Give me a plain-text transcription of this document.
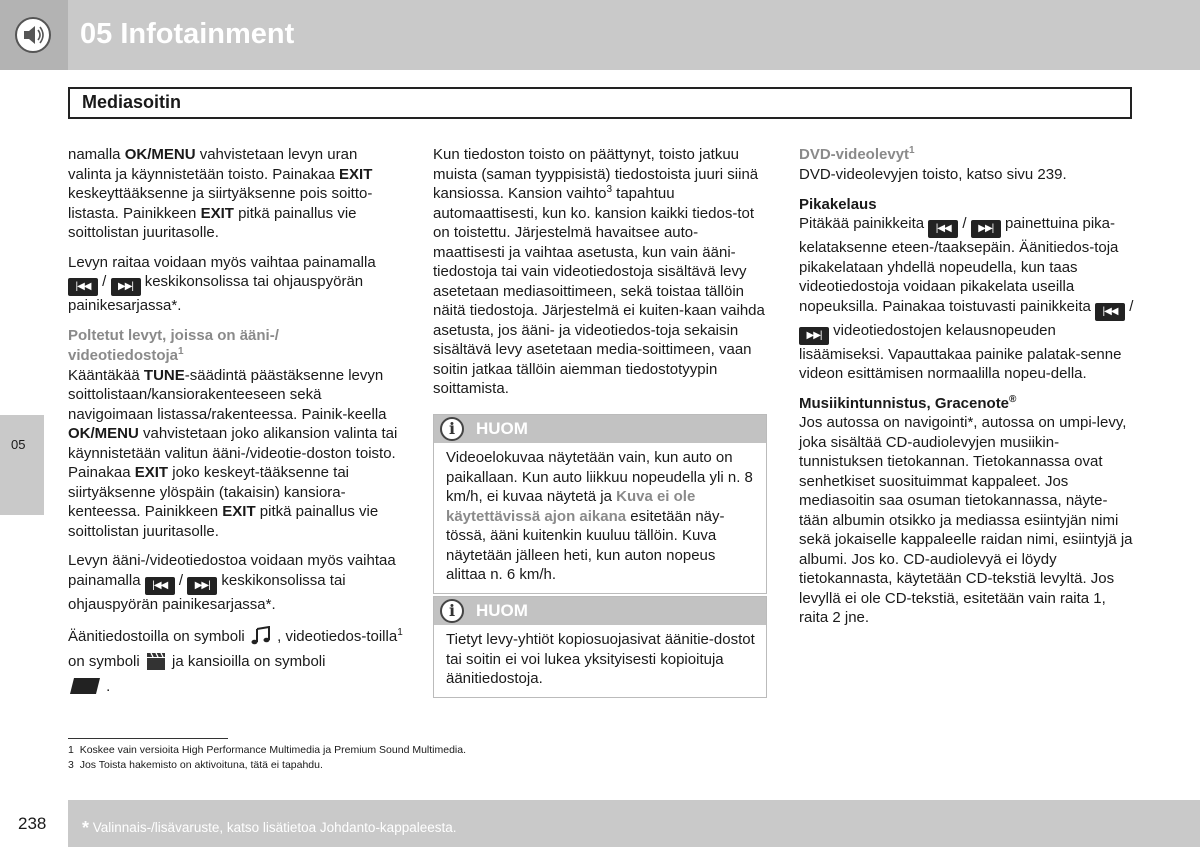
05 Infotainment
Mediasoitin
05

namalla OK/MENU vahvistetaan levyn uran valinta ja käynnistetään toisto. Painakaa EXIT keskeyttääksenne ja siirtyäksenne pois soitto-listasta. Painikkeen EXIT pitkä painallus vie soittolistan juuritasolle.

Levyn raitaa voidaan myös vaihtaa painamalla |◀◀ / ▶▶| keskikonsolissa tai ohjauspyörän painikesarjassa*.

Poltetut levyt, joissa on ääni-/
videotiedostoja$^1$

Kääntäkää TUNE-säädintä päästäksenne levyn soittolistaan/kansiorakenteeseen sekä navigoimaan listassa/rakenteessa. Painik-keella OK/MENU vahvistetaan joko alikansion valinta tai käynnistetään valitun ääni-/videotie-doston toisto. Painakaa EXIT joko keskeyt-tääksenne tai siirtyäksenne ylöspäin (takaisin) kansiora-kenteessa. Painikkeen EXIT pitkä painallus vie soittolistan juuritasolle.

Levyn ääni-/videotiedostoa voidaan myös vaihtaa painamalla |◀◀ / ▶▶| keskikonsolissa tai ohjauspyörän painikesarjassa*.

Äänitiedostoilla on symboli , videotiedos-toilla$^1$ on symboli ja kansioilla on symboli
.

Kun tiedoston toisto on päättynyt, toisto jatkuu muista (saman tyyppisistä) tiedostoista juuri siinä kansiossa. Kansion vaihto$^3$ tapahtuu automaattisesti, kun ko. kansion kaikki tiedos-tot on toistettu. Järjestelmä havaitsee auto-maattisesti ja vaihtaa asetusta, kun vain ääni-tiedostoja tai vain videotiedostoja sisältävä levy asetetaan mediasoittimeen, sekä toistaa tällöin näitä tiedostoja. Järjestelmä ei kuiten-kaan vaihda asetusta, jos ääni- ja videotiedos-toja sekaisin sisältävä levy asetetaan media-soittimeen, vaan soitin jatkaa tällöin aiemman tiedostotyypin soittamista.

i	HUOM
Videoelokuvaa näytetään vain, kun auto on paikallaan. Kun auto liikkuu nopeudella yli n. 8 km/h, ei kuvaa näytetä ja Kuva ei ole käytettävissä ajon aikana esitetään näy-tössä, ääni kuitenkin kuuluu tällöin. Kuva näytetään jälleen heti, kun auton nopeus alittaa n. 6 km/h.
i	HUOM
Tietyt levy-yhtiöt kopiosuojasivat äänitie-dostot tai soitin ei voi lukea yksityisesti kopioituja äänitiedostoja.
DVD-videolevyt$^1$

DVD-videolevyjen toisto, katso sivu 239.

Pikakelaus

Pitäkää painikkeita |◀◀ / ▶▶| painettuina pika-kelataksenne eteen-/taaksepäin. Äänitiedos-toja pikakelataan yhdellä nopeudella, kun taas videotiedostoja voidaan pikakelata useilla nopeuksilla. Painakaa toistuvasti painikkeita |◀◀ / ▶▶| videotiedostojen kelausnopeuden lisäämiseksi. Vapauttakaa painike palatak-senne videon esittämisen normaalilla nopeu-della.

Musiikintunnistus, Gracenote®

Jos autossa on navigointi*, autossa on umpi-levy, joka sisältää CD-audiolevyjen musiikin-tunnistuksen tietokannan. Tietokannassa ovat senhetkiset suosituimmat kappaleet. Jos mediasoitin saa osuman tietokannassa, näyte-tään albumin otsikko ja mediassa esiintyjän nimi sekä jokaiselle kappaleelle raidan nimi, esiintyjä ja albumi. Jos ko. CD-audiolevyä ei löydy tietokannasta, käytetään CD-tekstiä levyltä. Jos levyllä ei ole CD-tekstiä, esitetään vain raita 1, raita 2 jne.

1 Koskee vain versioita High Performance Multimedia ja Premium Sound Multimedia.
3 Jos Toista hakemisto on aktivoituna, tätä ei tapahdu.
238 * Valinnais-/lisävaruste, katso lisätietoa Johdanto-kappaleesta.
